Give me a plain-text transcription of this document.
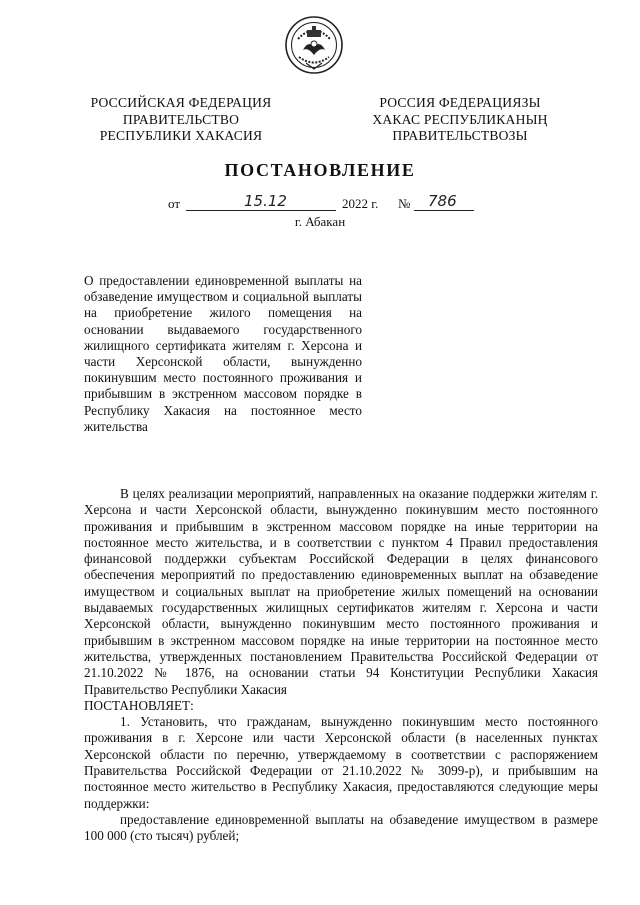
РОССИЙСКАЯ ФЕДЕРАЦИЯ
ПРАВИТЕЛЬСТВО
РЕСПУБЛИКИ ХАКАСИЯ
РОССИЯ ФЕДЕРАЦИЯЗЫ
ХАКАС РЕСПУБЛИКАНЫҢ
ПРАВИТЕЛЬСТВОЗЫ
ПОСТАНОВЛЕНИЕ
от	15.12	2022 г. № 786
г. Абакан
О предоставлении единовременной выплаты на обзаведение имуществом и социальной выплаты на приобретение жилого помещения на основании выдаваемого государственного жилищного сертификата жителям г. Херсона и части Херсонской области, вынужденно покинувшим место постоянного проживания и прибывшим в экстренном массовом порядке в Республику Хакасия на постоянное место жительства

В целях реализации мероприятий, направленных на оказание поддержки жителям г. Херсона и части Херсонской области, вынужденно покинувшим место постоянного проживания и прибывшим в экстренном массовом порядке на иные территории на постоянное место жительства, и в соответствии с пунктом 4 Правил предоставления финансовой поддержки субъектам Российской Федерации в целях финансового обеспечения мероприятий по предоставлению единовременных выплат на обзаведение имуществом и социальных выплат на приобретение жилых помещений на основании выдаваемых государственных жилищных сертификатов жителям г. Херсона и части Херсонской области, вынужденно покинувшим место постоянного проживания и прибывшим в экстренном массовом порядке на иные территории на постоянное место жительства, утвержденных постановлением Правительства Российской Федерации от 21.10.2022 № 1876, на основании статьи 94 Конституции Республики Хакасия Правительство Республики Хакасия

ПОСТАНОВЛЯЕТ:

1. Установить, что гражданам, вынужденно покинувшим место постоянного проживания в г. Херсоне или части Херсонской области (в населенных пунктах Херсонской области по перечню, утверждаемому в соответствии с распоряжением Правительства Российской Федерации от 21.10.2022 № 3099-р), и прибывшим на постоянное место жительство в Республику Хакасия, предоставляются следующие меры поддержки:

предоставление единовременной выплаты на обзаведение имуществом в размере 100 000 (сто тысяч) рублей;
